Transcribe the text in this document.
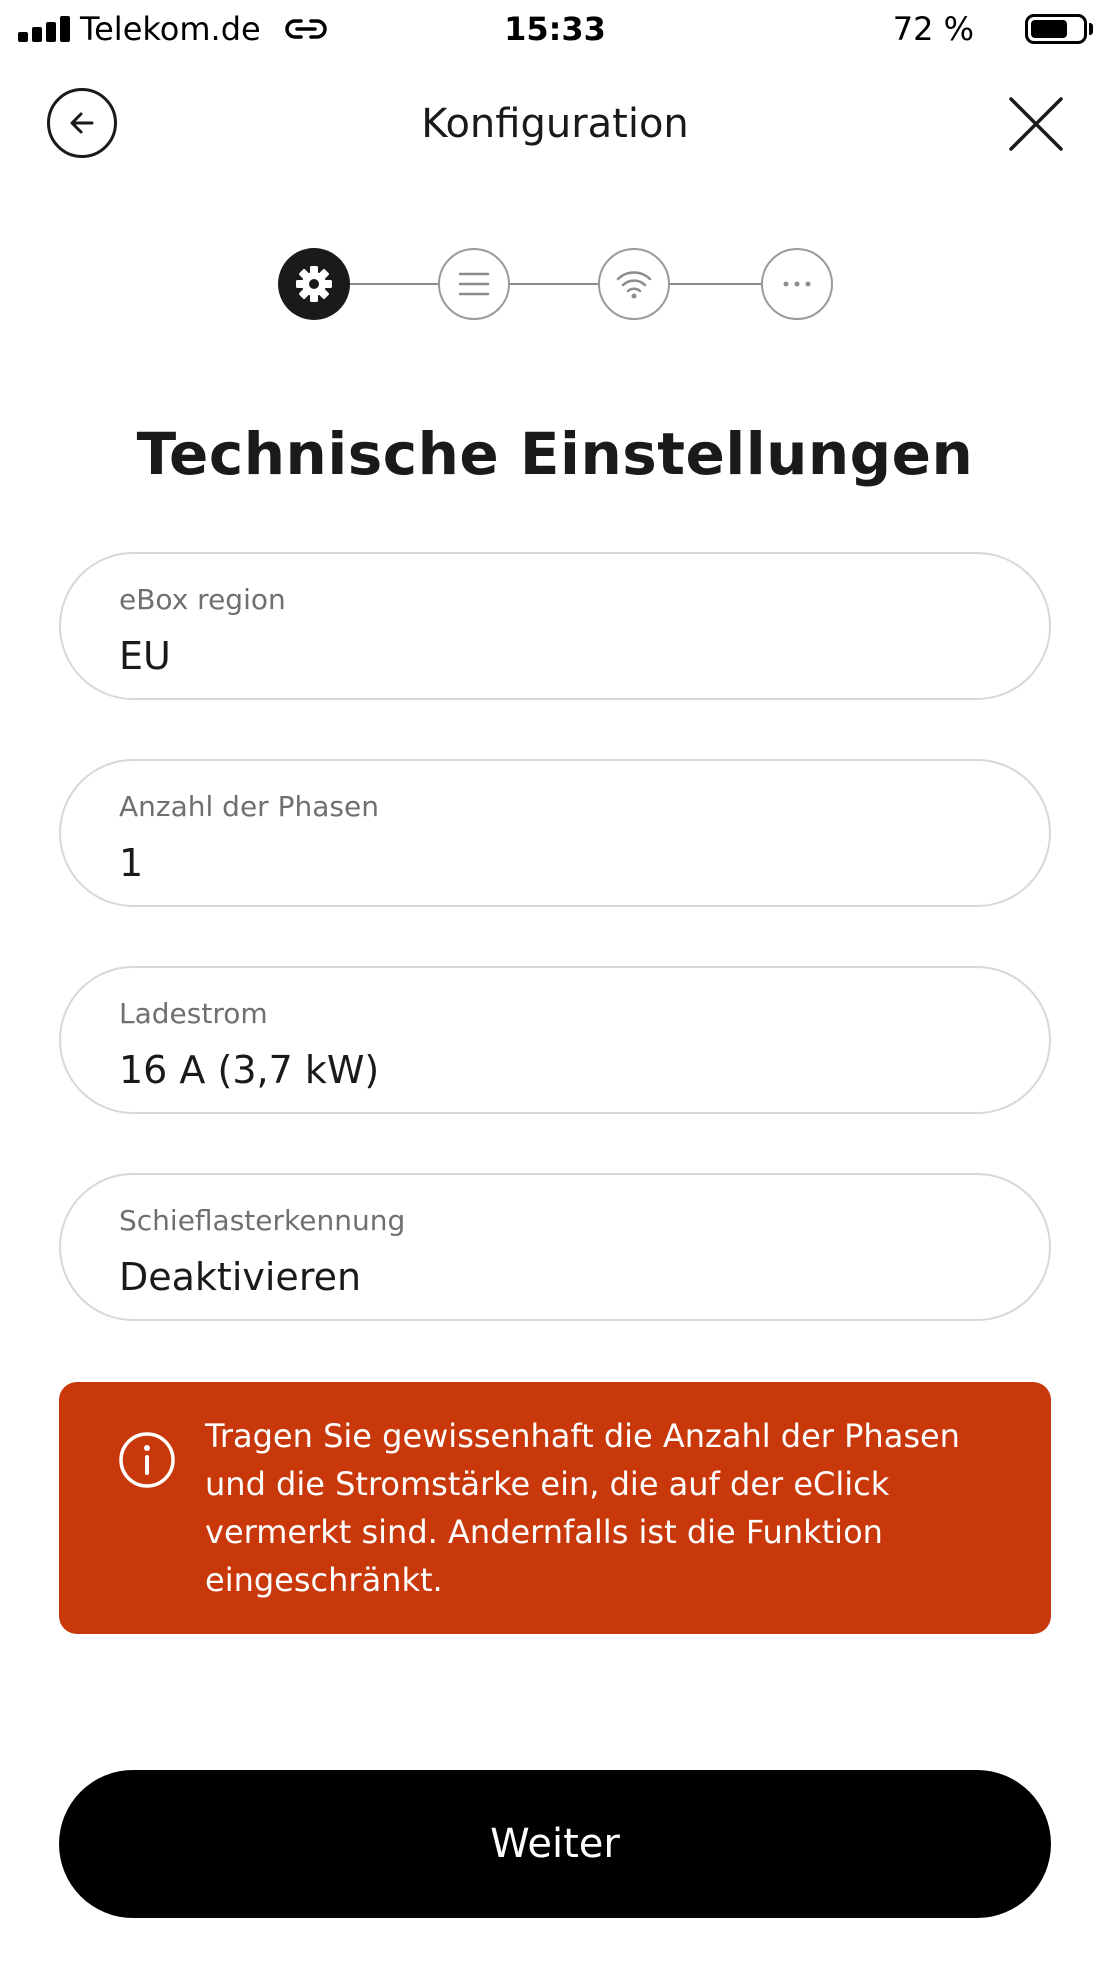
Telekom.de	15:33	72 %
Konfiguration
Technische Einstellungen
eBox region
EU
Anzahl der Phasen
1
Ladestrom
16 A (3,7 kW)
Schieflasterkennung
Deaktivieren
Tragen Sie gewissenhaft die Anzahl der Phasen und die Stromstärke ein, die auf der eClick vermerkt sind. Andernfalls ist die Funktion eingeschränkt.
Weiter
